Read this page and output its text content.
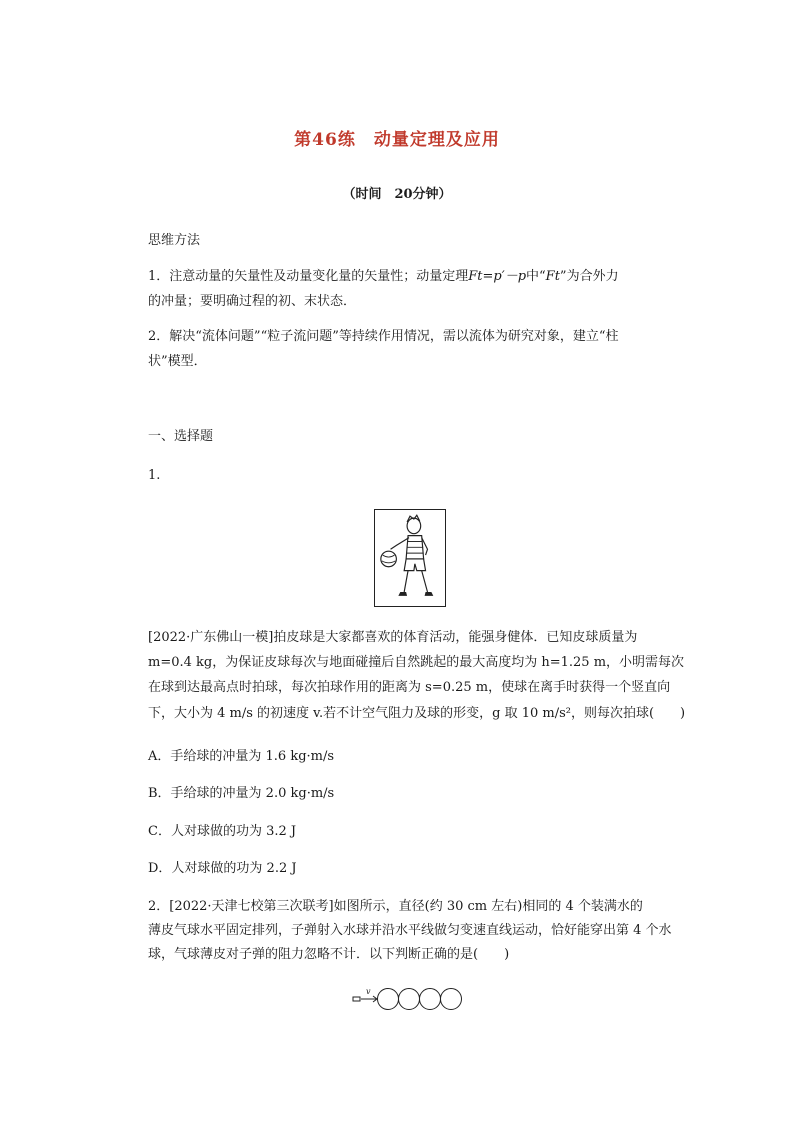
第46练　动量定理及应用
（时间　20分钟）
思维方法
1．注意动量的矢量性及动量变化量的矢量性；动量定理Ft=p′－p中“Ft”为合外力
的冲量；要明确过程的初、末状态．
2．解决“流体问题”“粒子流问题”等持续作用情况，需以流体为研究对象，建立“柱
状”模型．
一、选择题
1.
[2022·广东佛山一模]拍皮球是大家都喜欢的体育活动，能强身健体．已知皮球质量为
m=0.4 kg，为保证皮球每次与地面碰撞后自然跳起的最大高度均为 h=1.25 m，小明需每次
在球到达最高点时拍球，每次拍球作用的距离为 s=0.25 m，使球在离手时获得一个竖直向
下，大小为 4 m/s 的初速度 v.若不计空气阻力及球的形变，g 取 10 m/s²，则每次拍球(　　)
A．手给球的冲量为 1.6 kg·m/s
B．手给球的冲量为 2.0 kg·m/s
C．人对球做的功为 3.2 J
D．人对球做的功为 2.2 J
2．[2022·天津七校第三次联考]如图所示，直径(约 30 cm 左右)相同的 4 个装满水的
薄皮气球水平固定排列，子弹射入水球并沿水平线做匀变速直线运动，恰好能穿出第 4 个水
球，气球薄皮对子弹的阻力忽略不计．以下判断正确的是(　　)
v
